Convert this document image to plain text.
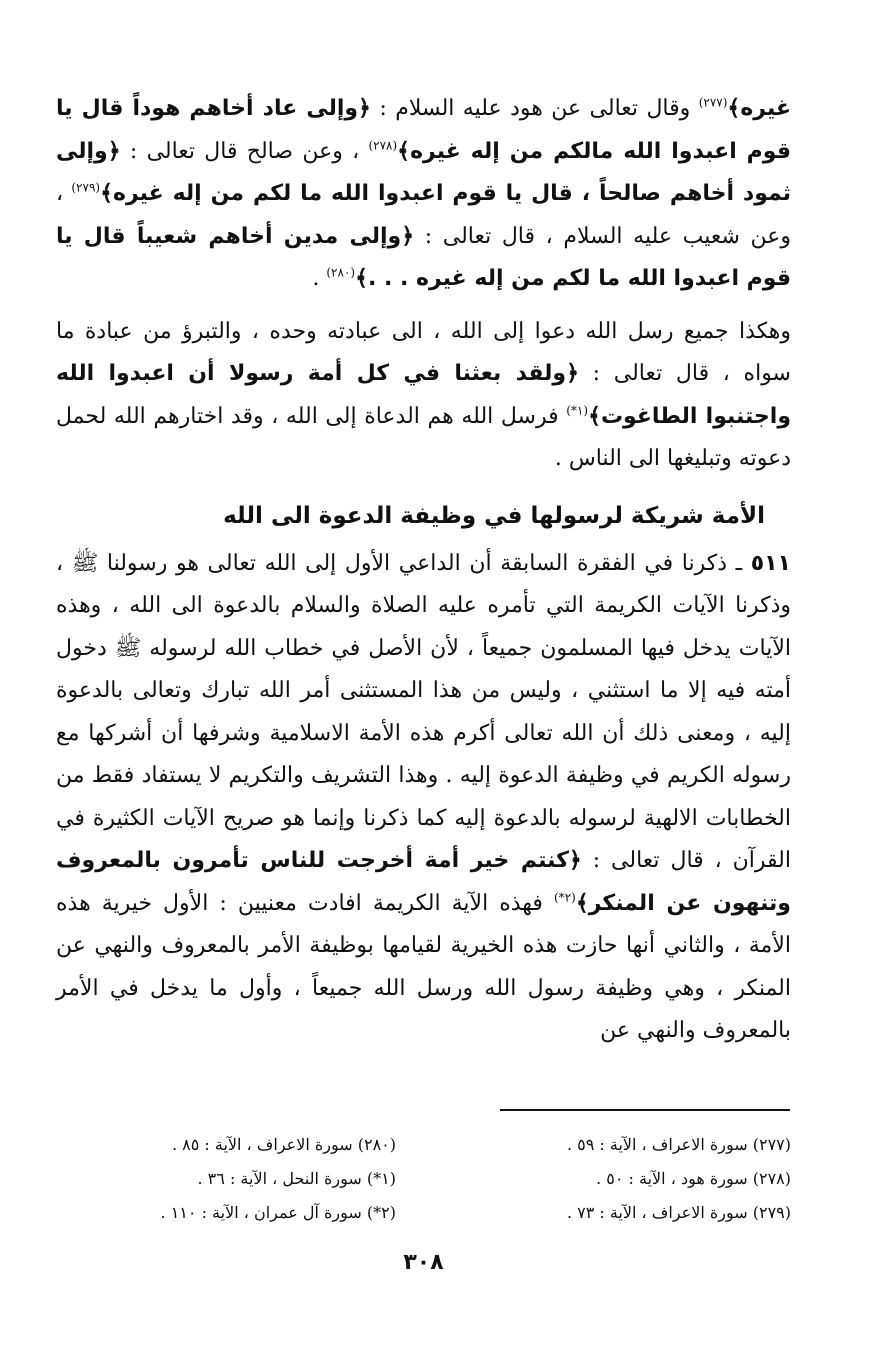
غيره﴾$^{(٢٧٧)}$ وقال تعالى عن هود عليه السلام : ﴿وإلى عاد أخاهم هوداً قال يا قوم اعبدوا الله مالكم من إله غيره﴾$^{(٢٧٨)}$ ، وعن صالح قال تعالى : ﴿وإلى ثمود أخاهم صالحاً ، قال يا قوم اعبدوا الله ما لكم من إله غيره﴾$^{(٢٧٩)}$ ، وعن شعيب عليه السلام ، قال تعالى : ﴿وإلى مدين أخاهم شعيباً قال يا قوم اعبدوا الله ما لكم من إله غيره . . .﴾$^{(٢٨٠)}$ .

وهكذا جميع رسل الله دعوا إلى الله ، الى عبادته وحده ، والتبرؤ من عبادة ما سواه ، قال تعالى : ﴿ولقد بعثنا في كل أمة رسولا أن اعبدوا الله واجتنبوا الطاغوت﴾$^{(١*)}$ فرسل الله هم الدعاة إلى الله ، وقد اختارهم الله لحمل دعوته وتبليغها الى الناس .

الأمة شريكة لرسولها في وظيفة الدعوة الى الله

٥١١ ـ ذكرنا في الفقرة السابقة أن الداعي الأول إلى الله تعالى هو رسولنا ﷺ ، وذكرنا الآيات الكريمة التي تأمره عليه الصلاة والسلام بالدعوة الى الله ، وهذه الآيات يدخل فيها المسلمون جميعاً ، لأن الأصل في خطاب الله لرسوله ﷺ دخول أمته فيه إلا ما استثني ، وليس من هذا المستثنى أمر الله تبارك وتعالى بالدعوة إليه ، ومعنى ذلك أن الله تعالى أكرم هذه الأمة الاسلامية وشرفها أن أشركها مع رسوله الكريم في وظيفة الدعوة إليه . وهذا التشريف والتكريم لا يستفاد فقط من الخطابات الالهية لرسوله بالدعوة إليه كما ذكرنا وإنما هو صريح الآيات الكثيرة في القرآن ، قال تعالى : ﴿كنتم خير أمة أخرجت للناس تأمرون بالمعروف وتنهون عن المنكر﴾$^{(٢*)}$ فهذه الآية الكريمة افادت معنيين : الأول خيرية هذه الأمة ، والثاني أنها حازت هذه الخيرية لقيامها بوظيفة الأمر بالمعروف والنهي عن المنكر ، وهي وظيفة رسول الله ورسل الله جميعاً ، وأول ما يدخل في الأمر بالمعروف والنهي عن

(٢٧٧) سورة الاعراف ، الآية : ٥٩ .
(٢٧٨) سورة هود ، الآية : ٥٠ .
(٢٧٩) سورة الاعراف ، الآية : ٧٣ .
(٢٨٠) سورة الاعراف ، الآية : ٨٥ .
(١*) سورة النحل ، الآية : ٣٦ .
(٢*) سورة آل عمران ، الآية : ١١٠ .
٣٠٨
